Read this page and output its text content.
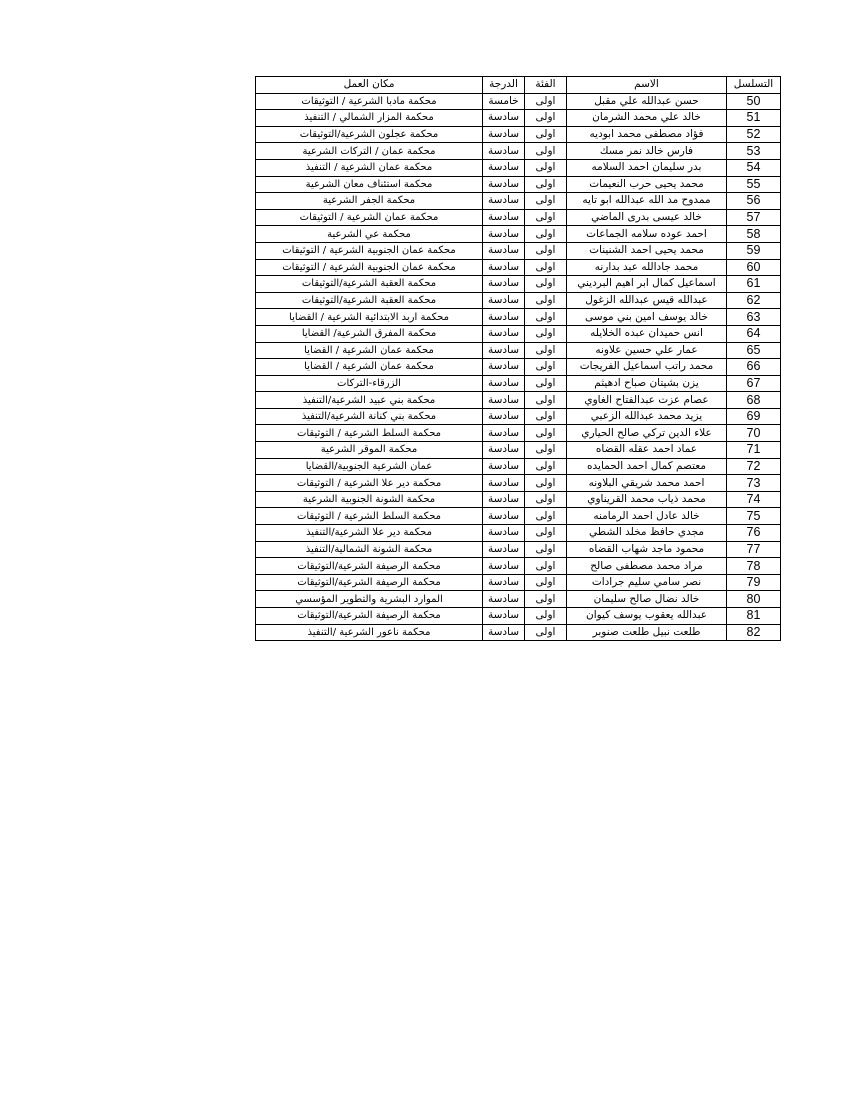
التسلسل	الاسم	الفئة	الدرجة	مكان العمل
50	حسن عبدالله علي مقبل	اولى	خامسة	محكمة مادبا الشرعية / التوثيقات
51	خالد علي محمد الشرمان	اولى	سادسة	محكمة المزار الشمالي / التنفيذ
52	فؤاد مصطفى محمد ابوديه	اولى	سادسة	محكمة عجلون الشرعية/التوثيقات
53	فارس خالد نمر مسك	اولى	سادسة	محكمة عمان / التركات الشرعية
54	بدر سليمان احمد السلامه	اولى	سادسة	محكمة عمان الشرعية / التنفيذ
55	محمد يحيى حرب النعيمات	اولى	سادسة	محكمة استئناف معان الشرعية
56	ممدوح مد الله عبدالله ابو تايه	اولى	سادسة	محكمة الجفر الشرعية
57	خالد عيسى بدرى الماضي	اولى	سادسة	محكمة عمان الشرعية / التوثيقات
58	احمد عوده سلامه الجماعات	اولى	سادسة	محكمة عي الشرعية
59	محمد يحيى احمد الشنينات	اولى	سادسة	محكمة عمان الجنوبية الشرعية / التوثيقات
60	محمد جادالله عبد بدارنه	اولى	سادسة	محكمة عمان الجنوبية الشرعية / التوثيقات
61	اسماعيل كمال ابر اهيم البرديني	اولى	سادسة	محكمة العقبة الشرعية/التوثيقات
62	عبدالله قيس عبدالله الزغول	اولى	سادسة	محكمة العقبة الشرعية/التوثيقات
63	خالد يوسف امين بني موسى	اولى	سادسة	محكمة اربد الابتدائية الشرعية / القضايا
64	انس حميدان عبده الخلايله	اولى	سادسة	محكمة المفرق الشرعية/ القضايا
65	عمار علي حسين علاونه	اولى	سادسة	محكمة عمان الشرعية / القضايا
66	محمد راتب اسماعيل الفريجات	اولى	سادسة	محكمة عمان الشرعية / القضايا
67	يزن بشيتان صباح ادهيثم	اولى	سادسة	الزرقاء-التركات
68	عصام عزت عبدالفتاح الغاوي	اولى	سادسة	محكمة بني عبيد الشرعية/التنفيذ
69	يزيد محمد عبدالله الزعبي	اولى	سادسة	محكمة بني كنانة الشرعية/التنفيذ
70	علاء الدين تركي صالح الحياري	اولى	سادسة	محكمة السلط الشرعية / التوثيقات
71	عماد احمد عقله القضاه	اولى	سادسة	محكمة الموقر الشرعية
72	معتصم كمال احمد الحمايده	اولى	سادسة	عمان الشرعية الجنوبية/القضايا
73	احمد محمد شريقي البلاونه	اولى	سادسة	محكمة دير علا الشرعية / التوثيقات
74	محمد ذياب محمد القريناوي	اولى	سادسة	محكمة الشونة الجنوبية الشرعية
75	خالد عادل احمد الرمامنه	اولى	سادسة	محكمة السلط الشرعية / التوثيقات
76	مجدي حافظ مخلد الشطي	اولى	سادسة	محكمة دير علا الشرعية/التنفيذ
77	محمود ماجد شهاب القضاه	اولى	سادسة	محكمة الشونة الشمالية/التنفيذ
78	مراد محمد مصطفى صالح	اولى	سادسة	محكمة الرصيفة الشرعية/التوثيقات
79	نصر سامي سليم جرادات	اولى	سادسة	محكمة الرصيفة الشرعية/التوثيقات
80	خالد نضال صالح سليمان	اولى	سادسة	الموارد البشرية والتطوير المؤسسي
81	عبدالله يعقوب يوسف كيوان	اولى	سادسة	محكمة الرصيفة الشرعية/التوثيقات
82	طلعت نبيل طلعت صنوبر	اولى	سادسة	محكمة ناعور الشرعية /التنفيذ
